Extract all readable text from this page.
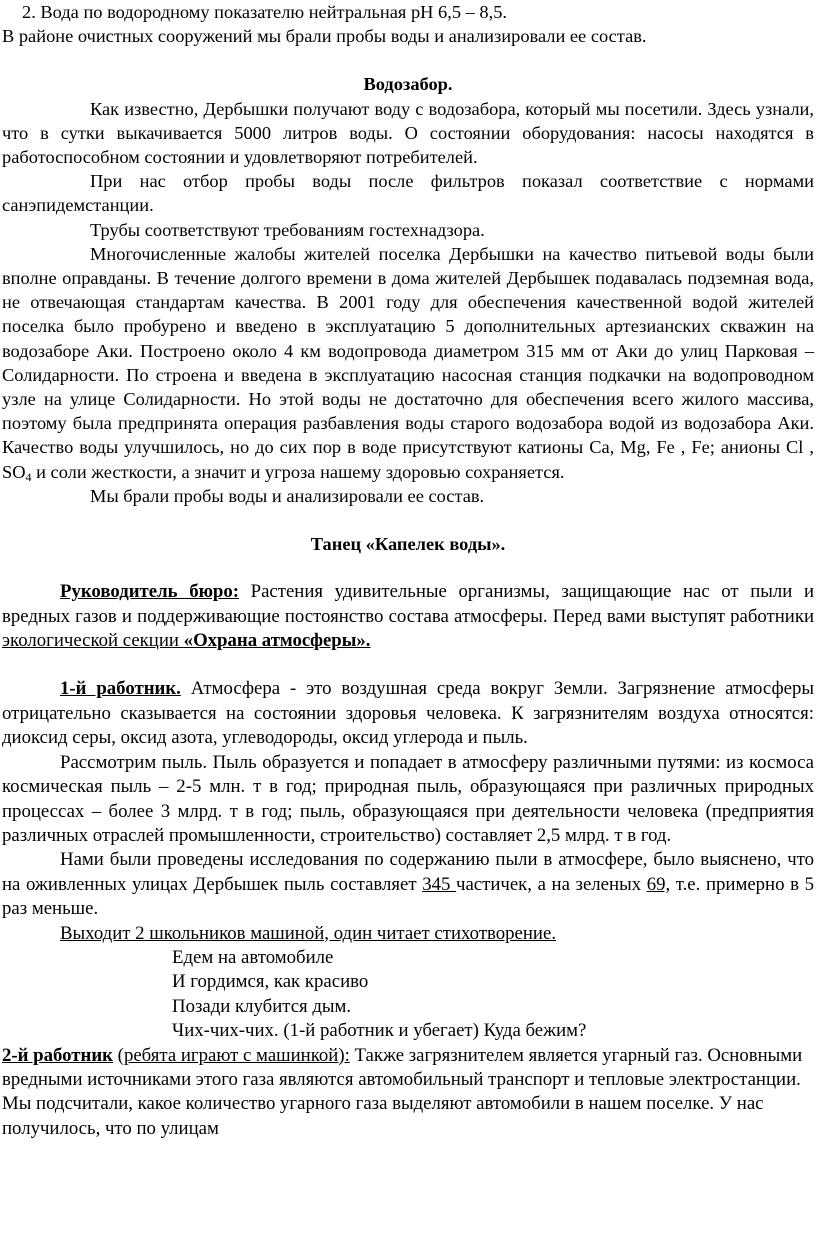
2. Вода по водородному показателю нейтральная pH 6,5 – 8,5.

В районе очистных сооружений мы брали пробы воды и анализировали ее состав.

Водозабор.

Как известно, Дербышки получают воду с водозабора, который мы посетили. Здесь узнали, что в сутки выкачивается 5000 литров воды. О состоянии оборудования: насосы находятся в работоспособном состоянии и удовлетворяют потребителей.

При нас отбор пробы воды после фильтров показал соответствие с нормами санэпидемстанции.

Трубы соответствуют требованиям гостехнадзора.

Многочисленные жалобы жителей поселка Дербышки на качество питьевой воды были вполне оправданы. В течение долгого времени в дома жителей Дербышек подавалась подземная вода, не отвечающая стандартам качества. В 2001 году для обеспечения качественной водой жителей поселка было пробурено и введено в эксплуатацию 5 дополнительных артезианских скважин на водозаборе Аки. Построено около 4 км водопровода диаметром 315 мм от Аки до улиц Парковая – Солидарности. По строена и введена в эксплуатацию насосная станция подкачки на водопроводном узле на улице Солидарности. Но этой воды не достаточно для обеспечения всего жилого массива, поэтому была предпринята операция разбавления воды старого водозабора водой из водозабора Аки. Качество воды улучшилось, но до сих пор в воде присутствуют катионы Ca, Mg, Fe , Fe; анионы Cl , $SO_4$ и соли жесткости, а значит и угроза нашему здоровью сохраняется.

Мы брали пробы воды и анализировали ее состав.

Танец «Капелек воды».

Руководитель бюро: Растения удивительные организмы, защищающие нас от пыли и вредных газов и поддерживающие постоянство состава атмосферы. Перед вами выступят работники экологической секции «Охрана атмосферы».

1-й работник. Атмосфера - это воздушная среда вокруг Земли. Загрязнение атмосферы отрицательно сказывается на состоянии здоровья человека. К загрязнителям воздуха относятся: диоксид серы, оксид азота, углеводороды, оксид углерода и пыль.

Рассмотрим пыль. Пыль образуется и попадает в атмосферу различными путями: из космоса космическая пыль – 2-5 млн. т в год; природная пыль, образующаяся при различных природных процессах – более 3 млрд. т в год; пыль, образующаяся при деятельности человека (предприятия различных отраслей промышленности, строительство) составляет 2,5 млрд. т в год.

Нами были проведены исследования по содержанию пыли в атмосфере, было выяснено, что на оживленных улицах Дербышек пыль составляет 345 частичек, а на зеленых 69, т.е. примерно в 5 раз меньше.

Выходит 2 школьников машиной, один читает стихотворение.

Едем на автомобиле

И гордимся, как красиво

Позади клубится дым.

Чих-чих-чих. (1-й работник и убегает) Куда бежим?

2-й работник (ребята играют с машинкой): Также загрязнителем является угарный газ. Основными вредными источниками этого газа являются автомобильный транспорт и тепловые электростанции. Мы подсчитали, какое количество угарного газа выделяют автомобили в нашем поселке. У нас получилось, что по улицам
